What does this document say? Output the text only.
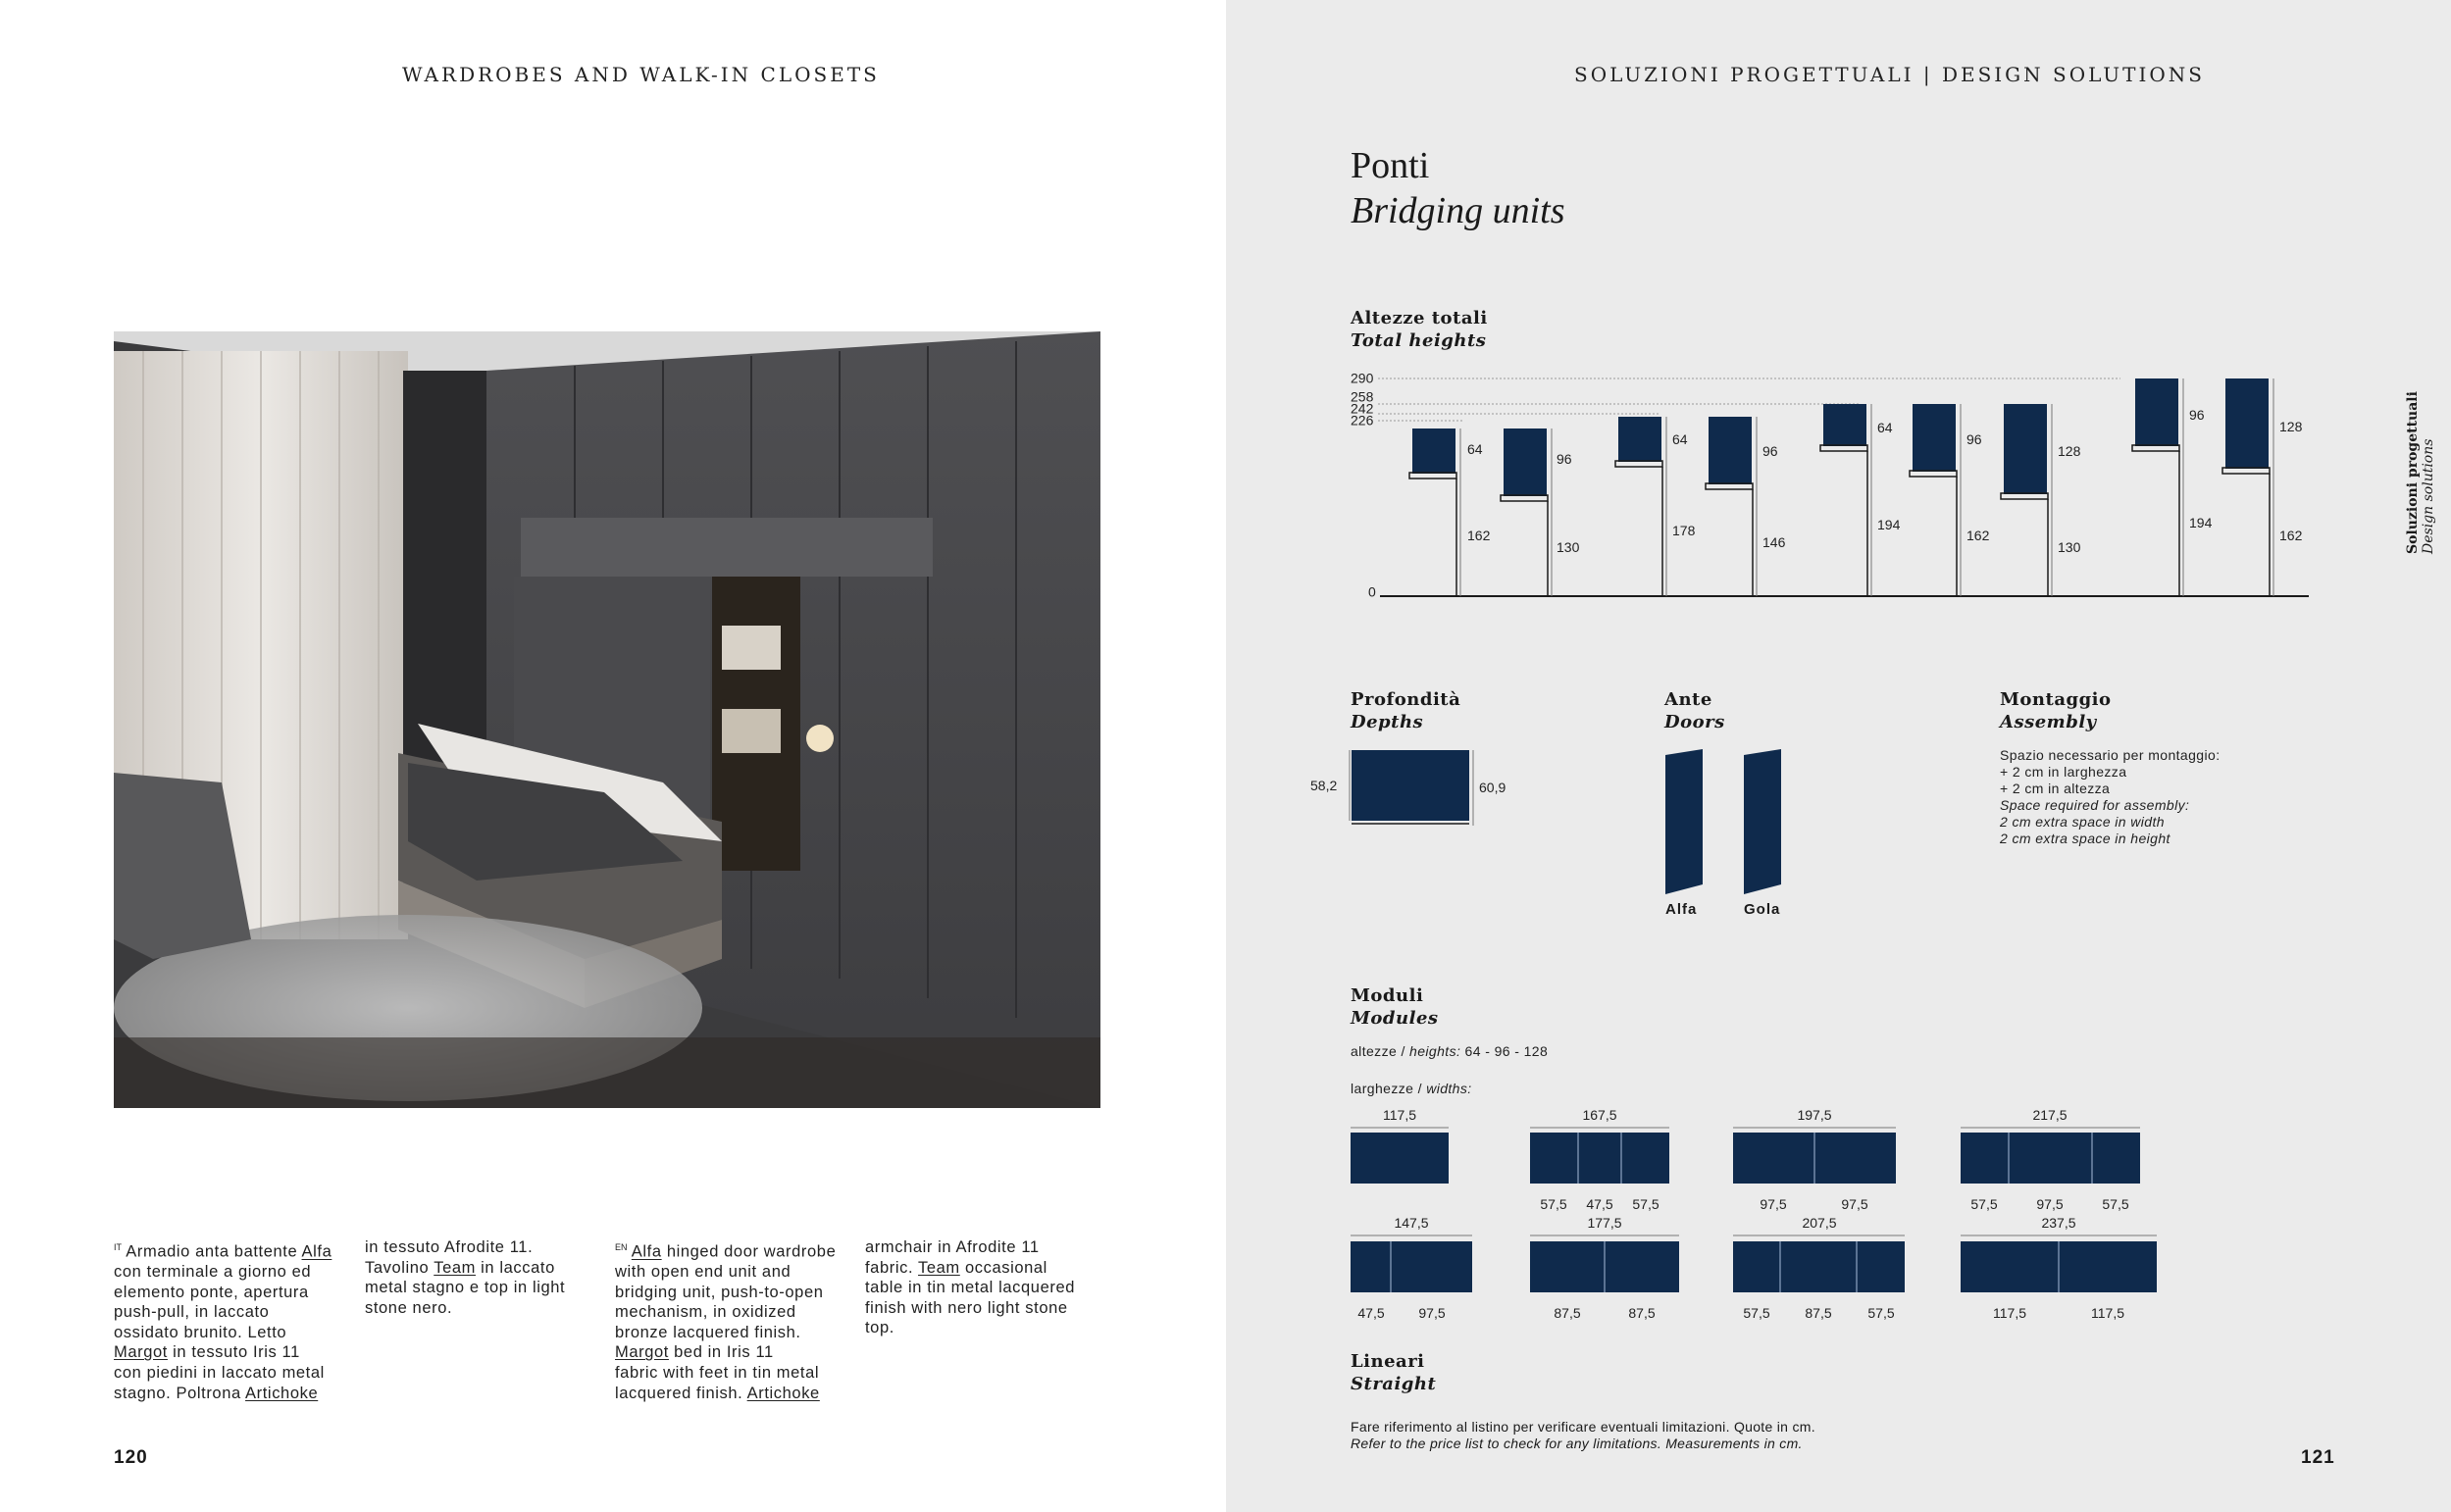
WARDROBES AND WALK-IN CLOSETS
$^{IT}$ Armadio anta battente Alfa
con terminale a giorno ed
elemento ponte, apertura
push-pull, in laccato
ossidato brunito. Letto
Margot in tessuto Iris 11
con piedini in laccato metal
stagno. Poltrona Artichoke
in tessuto Afrodite 11.
Tavolino Team in laccato
metal stagno e top in light
stone nero.
$^{EN}$ Alfa hinged door wardrobe
with open end unit and
bridging unit, push-to-open
mechanism, in oxidized
bronze lacquered finish.
Margot bed in Iris 11
fabric with feet in tin metal
lacquered finish. Artichoke
armchair in Afrodite 11
fabric. Team occasional
table in tin metal lacquered
finish with nero light stone
top.
120
SOLUZIONI PROGETTUALI | DESIGN SOLUTIONS
Ponti
Bridging units
Soluzioni progettuali Design solutions
Altezze totali
Total heights
290
258
242
226
0
64
162
96
130
64
178
96
146
64
194
96
162
128
130
96
194
128
162
Profondità
Depths
58,2	60,9
Ante
Doors
Alfa	Gola
Montaggio
Assembly
Spazio necessario per montaggio:
+ 2 cm in larghezza
+ 2 cm in altezza
Space required for assembly:
2 cm extra space in width
2 cm extra space in height
Moduli
Modules
altezze / heights: 64 - 96 - 128
larghezze / widths:
117,5	167,5
57,5 47,5 57,5
197,5
97,5	97,5
217,5
57,5	97,5	57,5
147,5
47,5 97,5
177,5
87,5	87,5
207,5
57,5	87,5	57,5
237,5
117,5	117,5
Lineari
Straight
Fare riferimento al listino per verificare eventuali limitazioni. Quote in cm.
Refer to the price list to check for any limitations. Measurements in cm.
121
